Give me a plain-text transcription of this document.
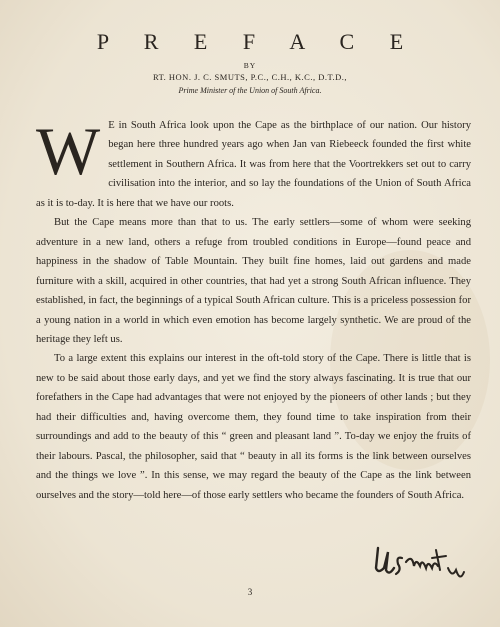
P R E F A C E
BY
RT. HON. J. C. SMUTS, P.C., C.H., K.C., D.T.D.,
Prime Minister of the Union of South Africa.

W E in South Africa look upon the Cape as the birthplace of our nation. Our history began here three hundred years ago when Jan van Riebeeck founded the first white settlement in Southern Africa. It was from here that the Voortrekkers set out to carry civilisation into the interior, and so lay the foundations of the Union of South Africa as it is to-day. It is here that we have our roots.

But the Cape means more than that to us. The early settlers—some of whom were seeking adventure in a new land, others a refuge from troubled conditions in Europe—found peace and happiness in the shadow of Table Mountain. They built fine homes, laid out gardens and made furniture with a skill, acquired in other countries, that had yet a strong South African influence. They established, in fact, the beginnings of a typical South African culture. This is a priceless possession for a young nation in a world in which even emotion has become largely synthetic. We are proud of the heritage they left us.

To a large extent this explains our interest in the oft-told story of the Cape. There is little that is new to be said about those early days, and yet we find the story always fascinating. It is true that our forefathers in the Cape had advantages that were not enjoyed by the pioneers of other lands ; but they had their difficulties and, having overcome them, they found time to take inspiration from their surroundings and add to the beauty of this “ green and pleasant land ”. To-day we enjoy the fruits of their labours. Pascal, the philosopher, said that “ beauty in all its forms is the link between ourselves and the things we love ”. In this sense, we may regard the beauty of the Cape as the link between ourselves and the story—told here—of those early settlers who became the founders of South Africa.

3
